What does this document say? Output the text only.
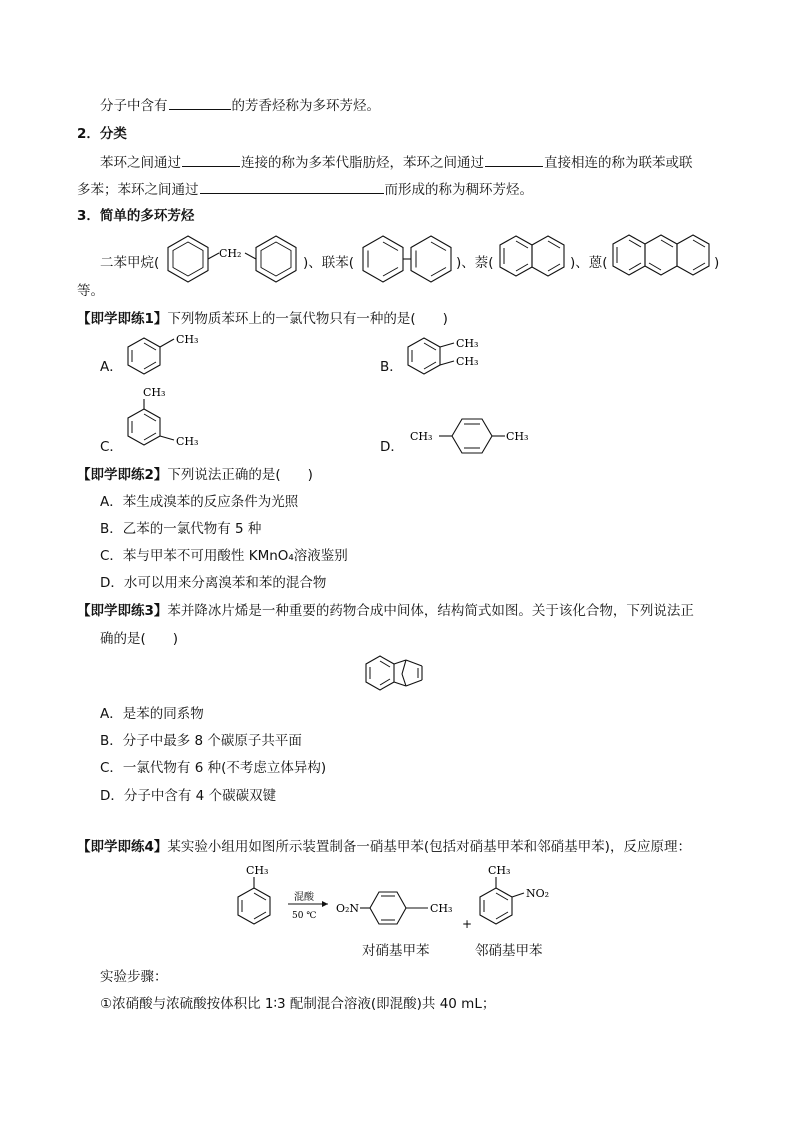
分子中含有	的芳香烃称为多环芳烃。
2．分类
苯环之间通过	连接的称为多苯代脂肪烃，苯环之间通过	直接相连的称为联苯或联
多苯；苯环之间通过	而形成的称为稠环芳烃。
3．简单的多环芳烃
二苯甲烷(
CH₂
)、联苯(	)、萘(	)、蒽(	)
等。
【即学即练1】下列物质苯环上的一氯代物只有一种的是(　　)
A．
CH₃
B．
CH₃
CH₃
C．
CH₃
CH₃	D．
CH₃	CH₃
【即学即练2】下列说法正确的是(　　)
A．苯生成溴苯的反应条件为光照
B．乙苯的一氯代物有 5 种
C．苯与甲苯不可用酸性 KMnO₄溶液鉴别
D．水可以用来分离溴苯和苯的混合物
【即学即练3】苯并降冰片烯是一种重要的药物合成中间体，结构简式如图。关于该化合物，下列说法正
确的是(　　)
A．是苯的同系物
B．分子中最多 8 个碳原子共平面
C．一氯代物有 6 种(不考虑立体异构)
D．分子中含有 4 个碳碳双键
【即学即练4】某实验小组用如图所示装置制备一硝基甲苯(包括对硝基甲苯和邻硝基甲苯)，反应原理：
CH₃
混酸
50 ℃
O₂N	CH₃
+
CH₃
NO₂
对硝基甲苯	邻硝基甲苯
实验步骤：
①浓硝酸与浓硫酸按体积比 1∶3 配制混合溶液(即混酸)共 40 mL；
